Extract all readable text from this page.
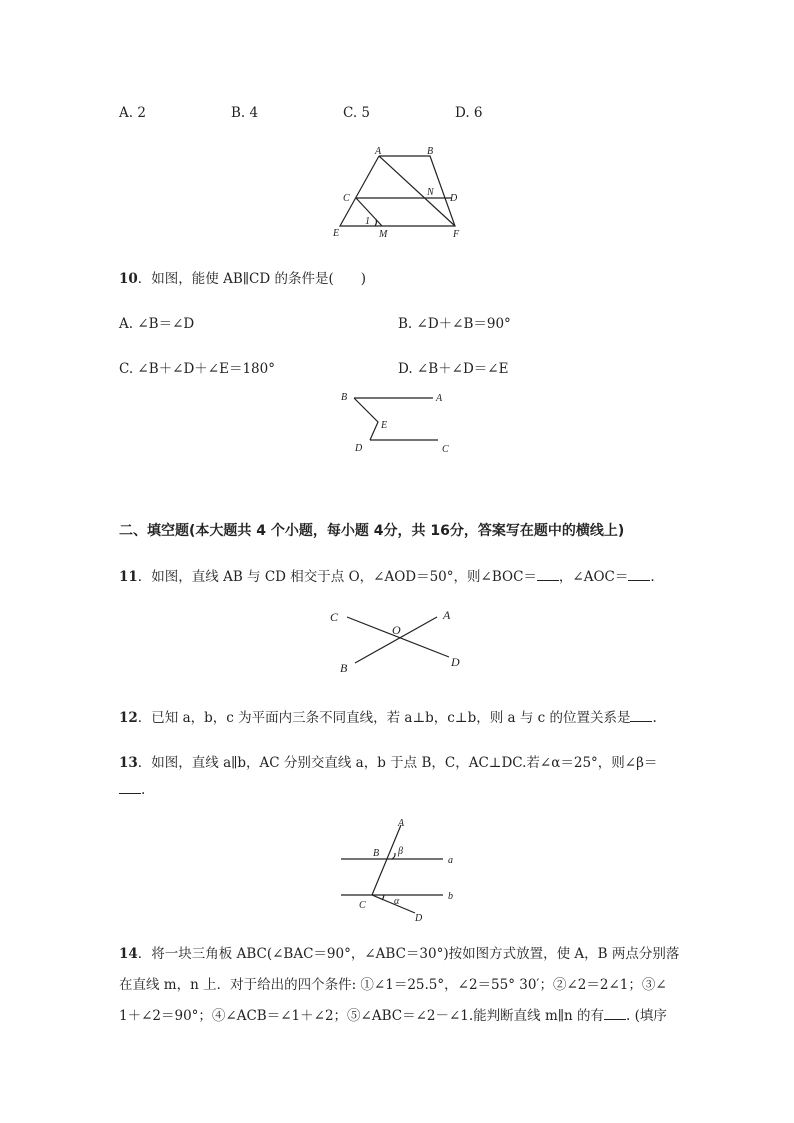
A. 2	B. 4	C. 5	D. 6
A	B
C
N
D
1
E	M	F
10．如图，能使 AB∥CD 的条件是(　　)
A. ∠B＝∠D	B. ∠D＋∠B＝90°
C. ∠B＋∠D＋∠E＝180°	D. ∠B＋∠D＝∠E
B	A
E
D	C
二、填空题(本大题共 4 个小题，每小题 4分，共 16分，答案写在题中的横线上)
11．如图，直线 AB 与 CD 相交于点 O，∠AOD＝50°，则∠BOC＝ ，∠AOC＝ .
C
O
A
B	D
12．已知 a，b，c 为平面内三条不同直线，若 a⊥b，c⊥b，则 a 与 c 的位置关系是 .
13．如图，直线 a∥b，AC 分别交直线 a，b 于点 B，C，AC⊥DC.若∠α＝25°，则∠β＝
.
A
B β
a
C	α	b
D
14．将一块三角板 ABC(∠BAC＝90°，∠ABC＝30°)按如图方式放置，使 A，B 两点分别落
在直线 m，n 上．对于给出的四个条件: ①∠1＝25.5°，∠2＝55° 30′；②∠2＝2∠1；③∠
1＋∠2＝90°；④∠ACB＝∠1＋∠2；⑤∠ABC＝∠2－∠1.能判断直线 m∥n 的有 . (填序
